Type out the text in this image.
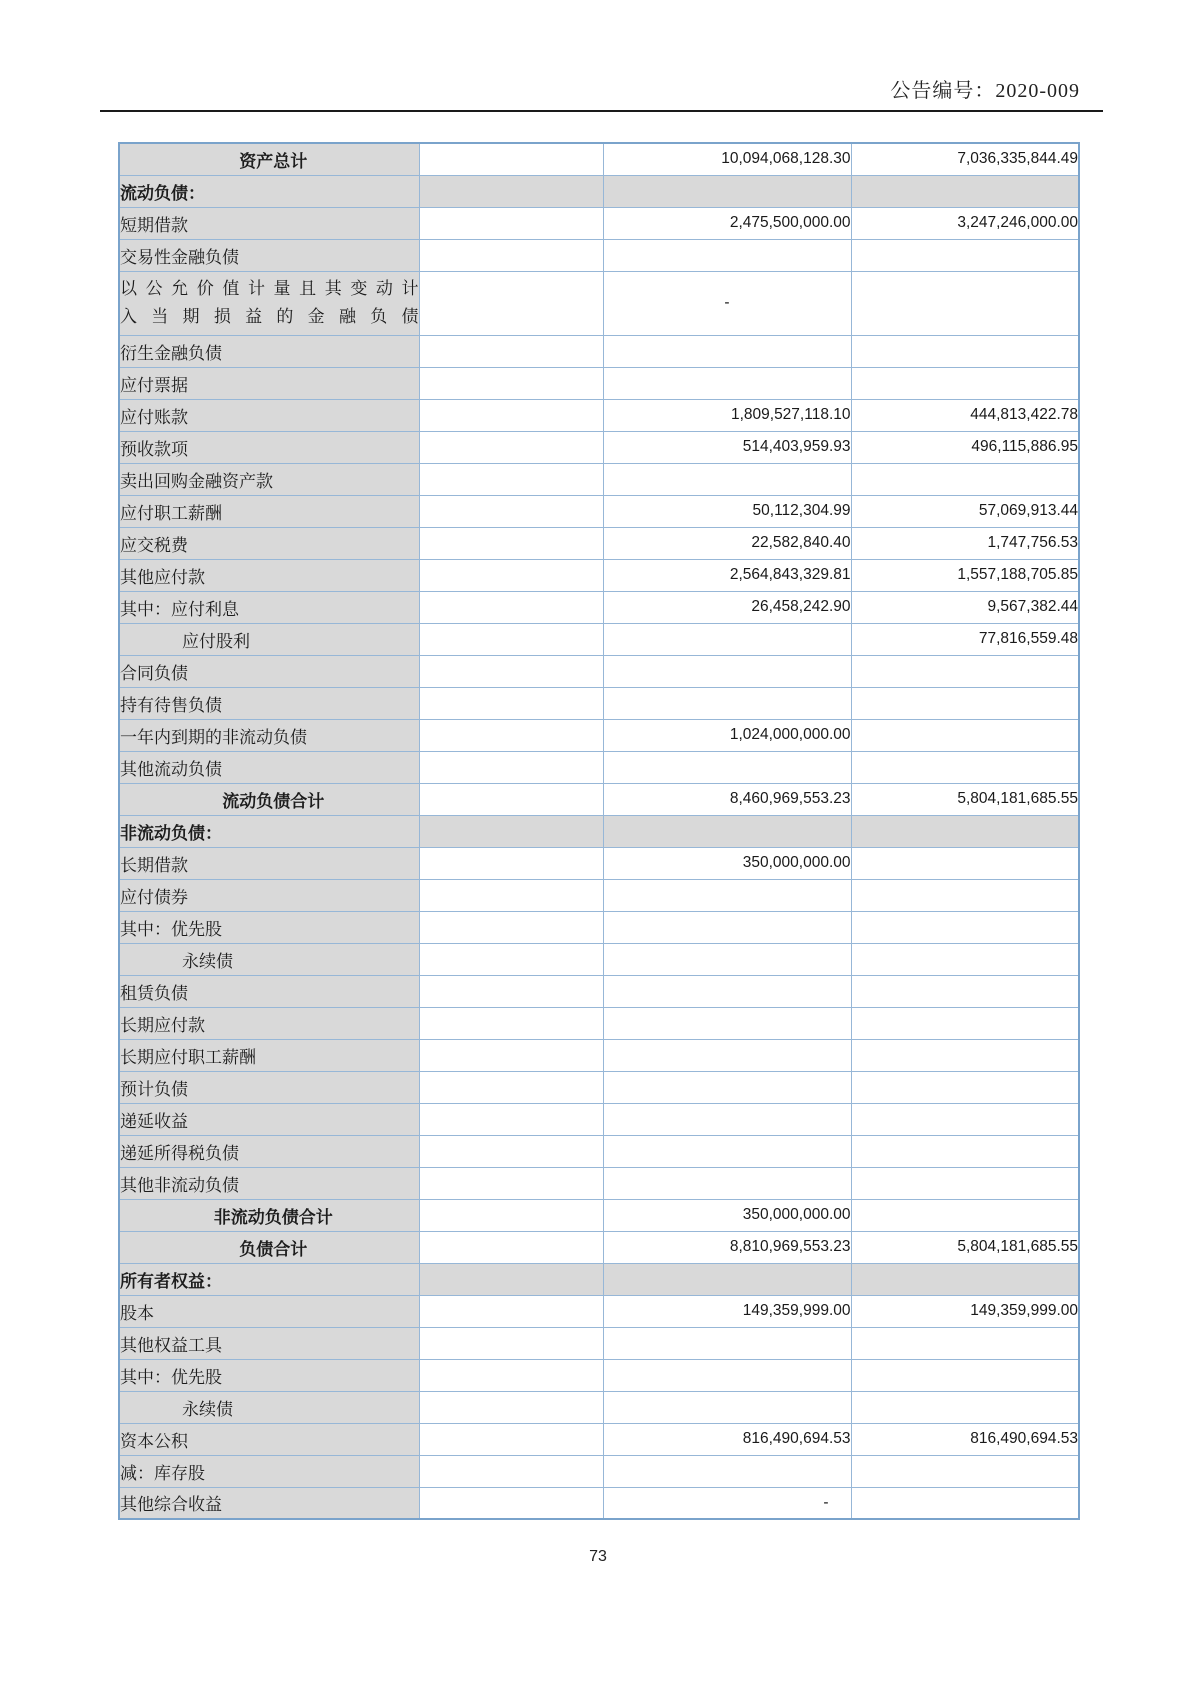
公告编号：2020-009
资产总计		10,094,068,128.30	7,036,335,844.49
流动负债：			
短期借款		2,475,500,000.00	3,247,246,000.00
交易性金融负债			
以公允价值计量且其变动计
入当期损益的金融负债		-	
衍生金融负债			
应付票据			
应付账款		1,809,527,118.10	444,813,422.78
预收款项		514,403,959.93	496,115,886.95
卖出回购金融资产款			
应付职工薪酬		50,112,304.99	57,069,913.44
应交税费		22,582,840.40	1,747,756.53
其他应付款		2,564,843,329.81	1,557,188,705.85
其中：应付利息		26,458,242.90	9,567,382.44
应付股利			77,816,559.48
合同负债			
持有待售负债			
一年内到期的非流动负债		1,024,000,000.00	
其他流动负债			
流动负债合计		8,460,969,553.23	5,804,181,685.55
非流动负债：			
长期借款		350,000,000.00	
应付债券			
其中：优先股			
永续债			
租赁负债			
长期应付款			
长期应付职工薪酬			
预计负债			
递延收益			
递延所得税负债			
其他非流动负债			
非流动负债合计		350,000,000.00	
负债合计		8,810,969,553.23	5,804,181,685.55
所有者权益：			
股本		149,359,999.00	149,359,999.00
其他权益工具			
其中：优先股			
永续债			
资本公积		816,490,694.53	816,490,694.53
减：库存股			
其他综合收益		-	
73
